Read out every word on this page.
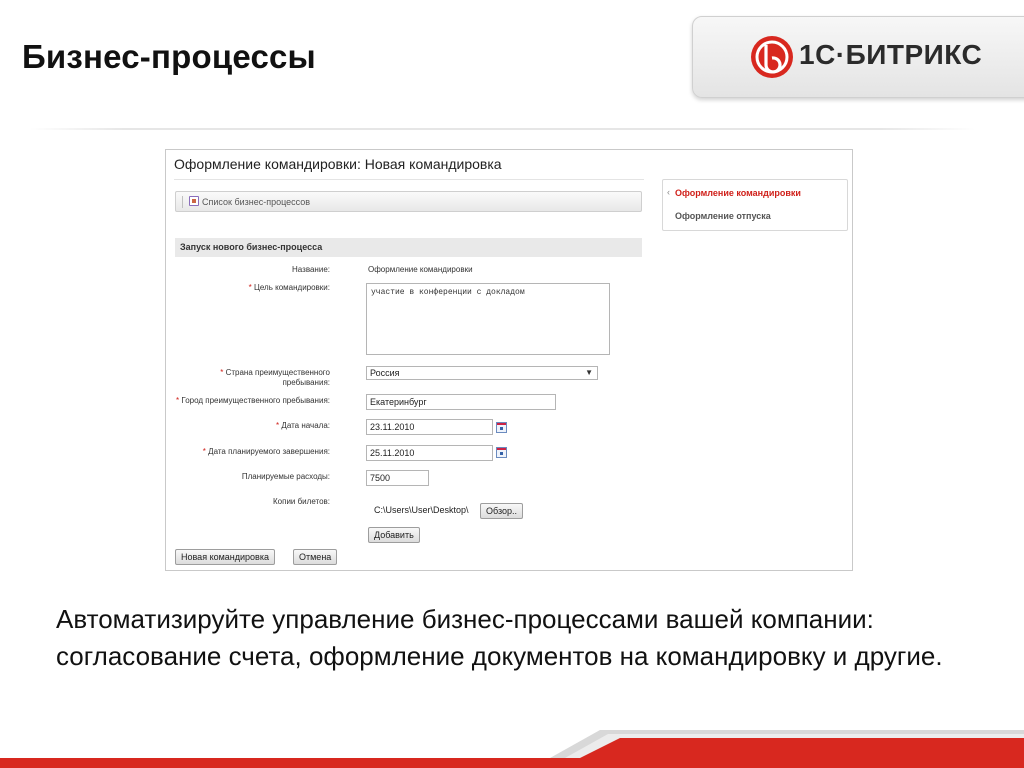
Бизнес-процессы	1С·БИТРИКС
Оформление командировки: Новая командировка
Список бизнес-процессов
‹ Оформление командировки
Оформление отпуска
Запуск нового бизнес-процесса
Название:	Оформление командировки
* Цель командировки:
участие в конференции с докладом
* Страна преимущественного
пребывания:
Россия	▼
* Город преимущественного пребывания:	Екатеринбург
* Дата начала:	23.11.2010
* Дата планируемого завершения:	25.11.2010
Планируемые расходы:	7500
Копии билетов:
C:\Users\User\Desktop\	Обзор..
Добавить
Новая командировка	Отмена
Автоматизируйте управление бизнес-процессами вашей компании: согласование счета, оформление документов на командировку и другие.
